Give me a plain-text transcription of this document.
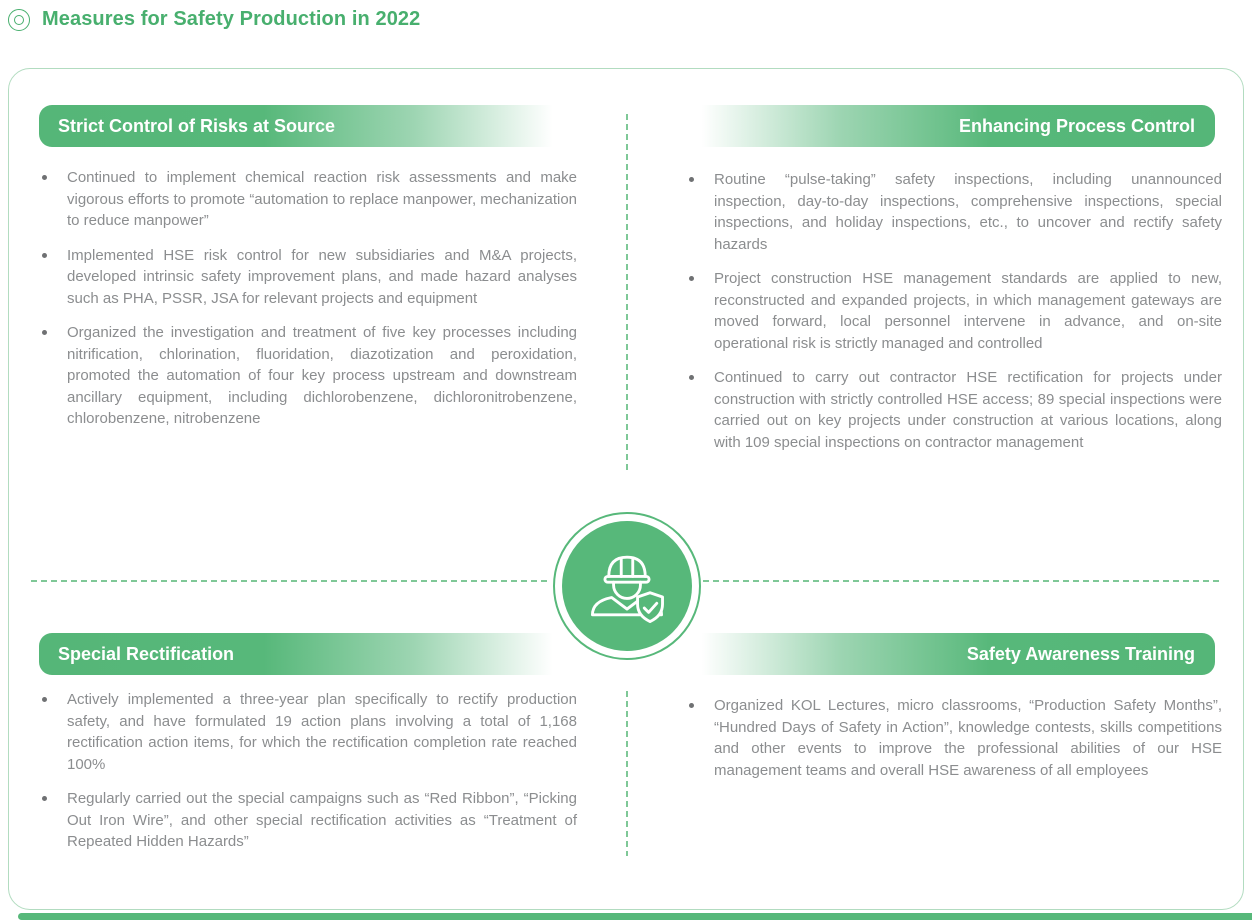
Measures for Safety Production in 2022
Strict Control of Risks at Source	Enhancing Process Control
Special Rectification	Safety Awareness Training
Continued to implement chemical reaction risk assessments and make vigorous efforts to promote “automation to replace manpower, mechanization to reduce manpower”
Implemented HSE risk control for new subsidiaries and M&A projects, developed intrinsic safety improvement plans, and made hazard analyses such as PHA, PSSR, JSA for relevant projects and equipment
Organized the investigation and treatment of five key processes including nitrification, chlorination, fluoridation, diazotization and peroxidation, promoted the automation of four key process upstream and downstream ancillary equipment, including dichlorobenzene, dichloronitrobenzene, chlorobenzene, nitrobenzene
Routine “pulse-taking” safety inspections, including unannounced inspection, day-to-day inspections, comprehensive inspections, special inspections, and holiday inspections, etc., to uncover and rectify safety hazards
Project construction HSE management standards are applied to new, reconstructed and expanded projects, in which management gateways are moved forward, local personnel intervene in advance, and on-site operational risk is strictly managed and controlled
Continued to carry out contractor HSE rectification for projects under construction with strictly controlled HSE access; 89 special inspections were carried out on key projects under construction at various locations, along with 109 special inspections on contractor management
Actively implemented a three-year plan specifically to rectify production safety, and have formulated 19 action plans involving a total of 1,168 rectification action items, for which the rectification completion rate reached 100%
Regularly carried out the special campaigns such as “Red Ribbon”, “Picking Out Iron Wire”, and other special rectification activities as “Treatment of Repeated Hidden Hazards”
Organized KOL Lectures, micro classrooms, “Production Safety Months”, “Hundred Days of Safety in Action”, knowledge contests, skills competitions and other events to improve the professional abilities of our HSE management teams and overall HSE awareness of all employees
